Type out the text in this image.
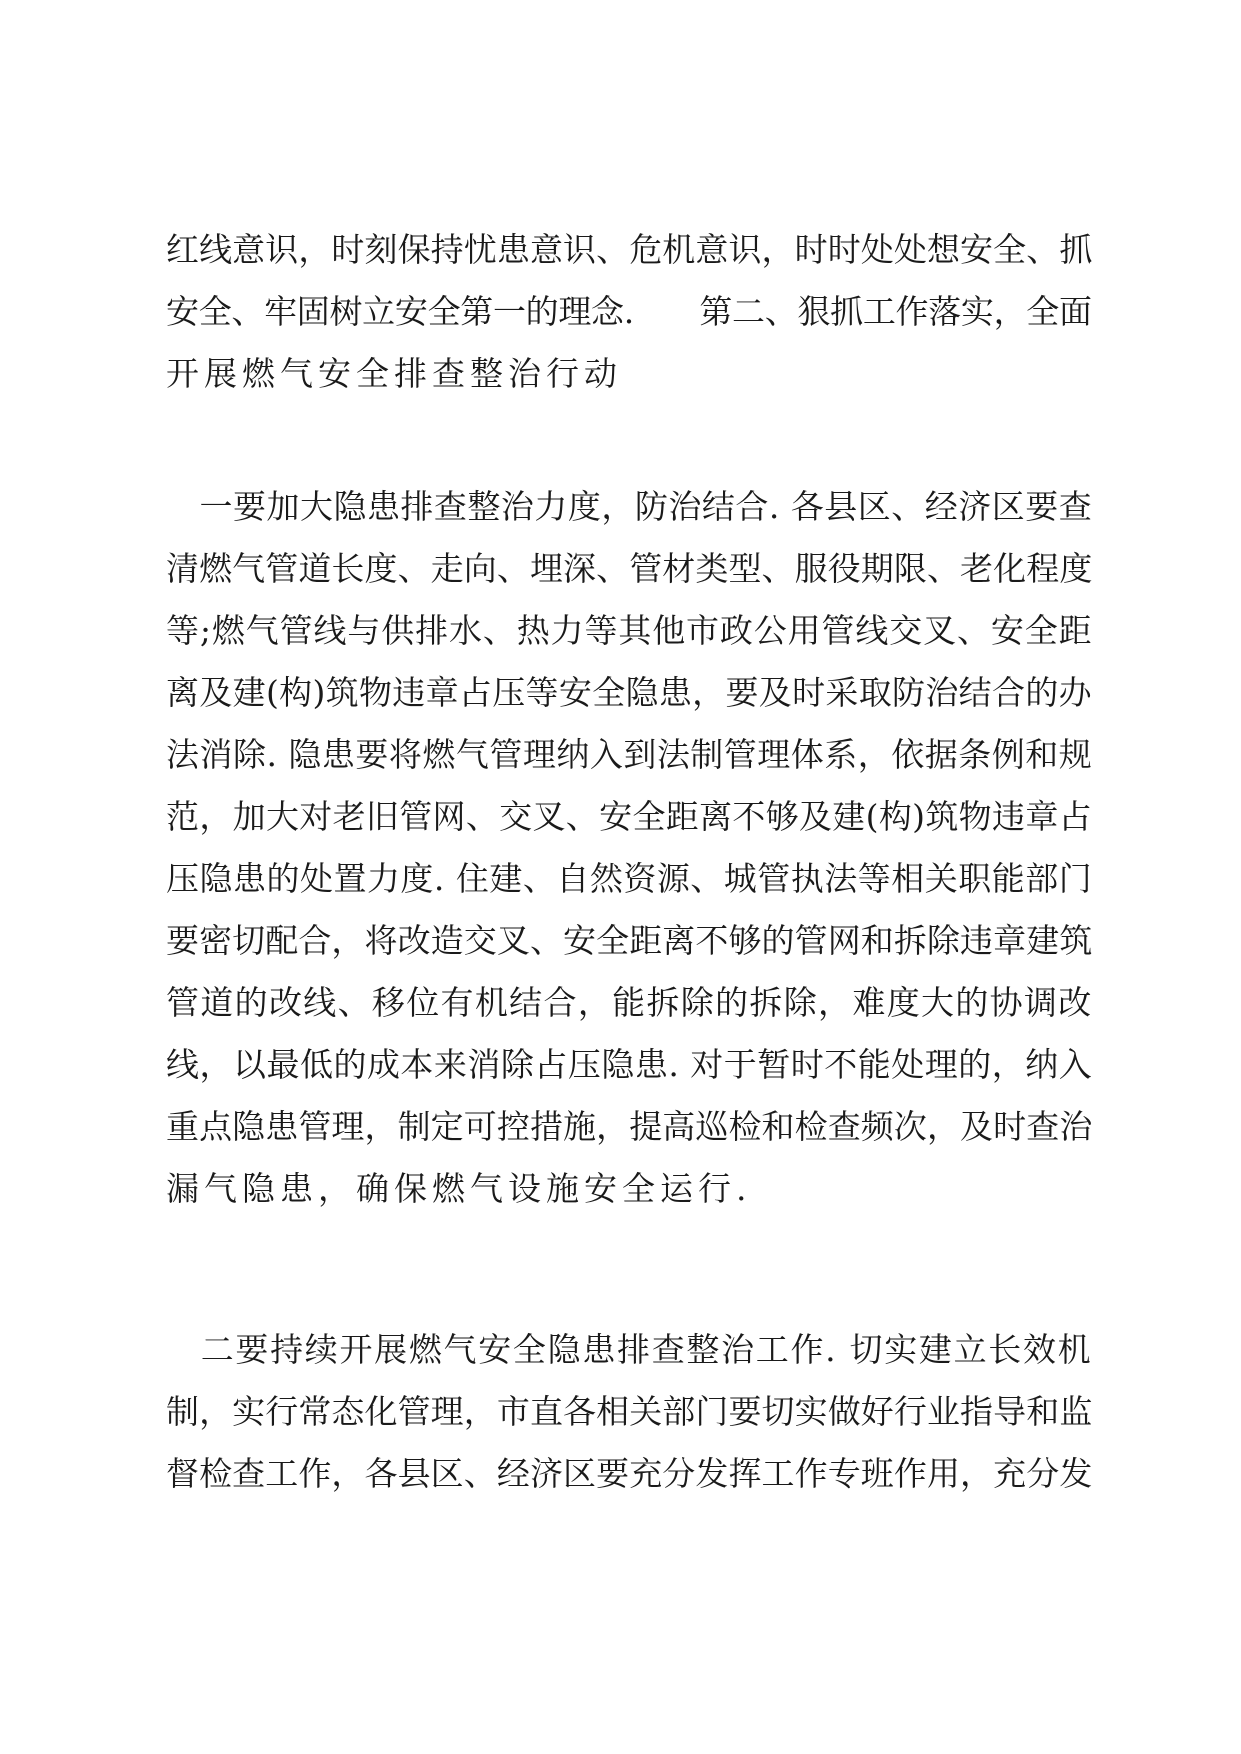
红线意识，时刻保持忧患意识、危机意识，时时处处想安全、抓
安全、牢固树立安全第一的理念.　　第二、狠抓工作落实，全面
开展燃气安全排查整治行动
　一要加大隐患排查整治力度，防治结合. 各县区、经济区要查
清燃气管道长度、走向、埋深、管材类型、服役期限、老化程度
等;燃气管线与供排水、热力等其他市政公用管线交叉、安全距
离及建(构)筑物违章占压等安全隐患，要及时采取防治结合的办
法消除. 隐患要将燃气管理纳入到法制管理体系，依据条例和规
范，加大对老旧管网、交叉、安全距离不够及建(构)筑物违章占
压隐患的处置力度. 住建、自然资源、城管执法等相关职能部门
要密切配合，将改造交叉、安全距离不够的管网和拆除违章建筑
管道的改线、移位有机结合，能拆除的拆除，难度大的协调改
线，以最低的成本来消除占压隐患. 对于暂时不能处理的，纳入
重点隐患管理，制定可控措施，提高巡检和检查频次，及时查治
漏气隐患，确保燃气设施安全运行.
　二要持续开展燃气安全隐患排查整治工作. 切实建立长效机
制，实行常态化管理，市直各相关部门要切实做好行业指导和监
督检查工作，各县区、经济区要充分发挥工作专班作用，充分发
